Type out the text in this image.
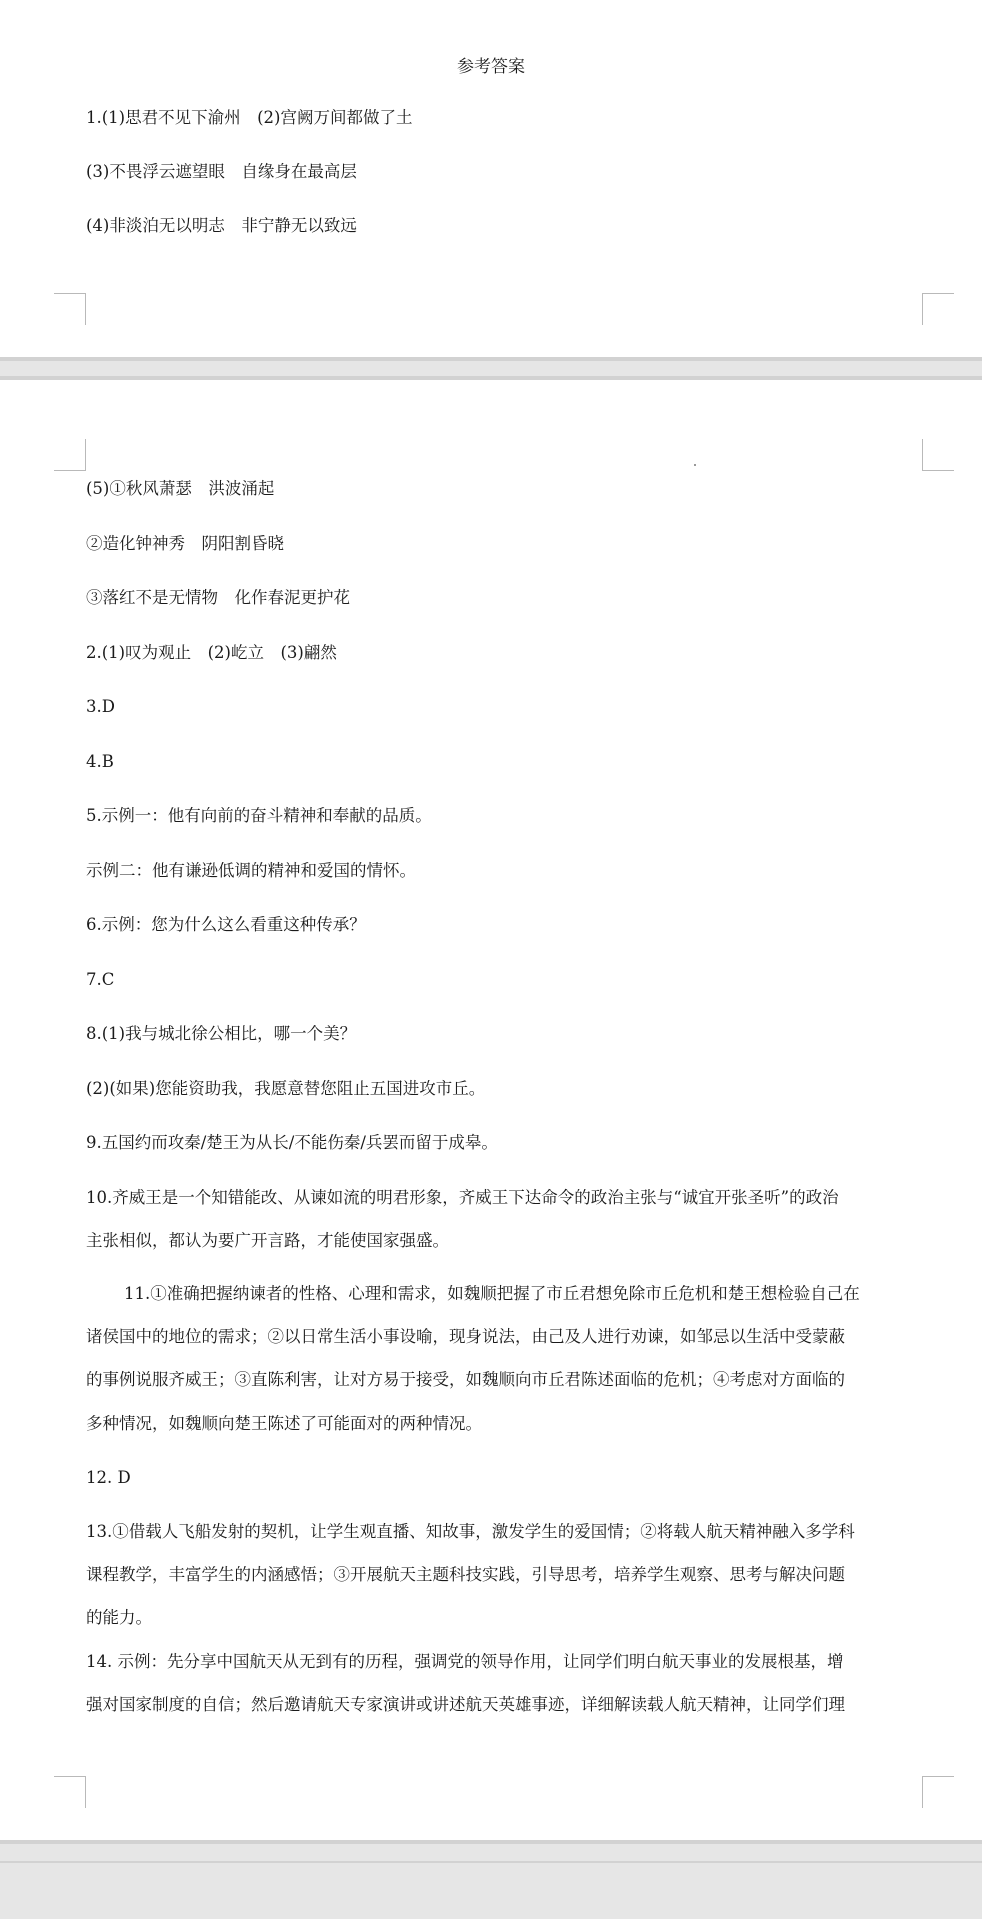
参考答案
1.(1)思君不见下渝州　(2)宫阙万间都做了土
(3)不畏浮云遮望眼　自缘身在最高层
(4)非淡泊无以明志　非宁静无以致远
(5)①秋风萧瑟　洪波涌起
②造化钟神秀　阴阳割昏晓
③落红不是无情物　化作春泥更护花
2.(1)叹为观止　(2)屹立　(3)翩然
3.D
4.B
5.示例一：他有向前的奋斗精神和奉献的品质。
示例二：他有谦逊低调的精神和爱国的情怀。
6.示例：您为什么这么看重这种传承？
7.C
8.(1)我与城北徐公相比，哪一个美？
(2)(如果)您能资助我，我愿意替您阻止五国进攻市丘。
9.五国约而攻秦/楚王为从长/不能伤秦/兵罢而留于成皋。
10.齐威王是一个知错能改、从谏如流的明君形象，齐威王下达命令的政治主张与“诚宜开张圣听”的政治
主张相似，都认为要广开言路，才能使国家强盛。
11.①准确把握纳谏者的性格、心理和需求，如魏顺把握了市丘君想免除市丘危机和楚王想检验自己在
诸侯国中的地位的需求；②以日常生活小事设喻，现身说法，由己及人进行劝谏，如邹忌以生活中受蒙蔽
的事例说服齐威王；③直陈利害，让对方易于接受，如魏顺向市丘君陈述面临的危机；④考虑对方面临的
多种情况，如魏顺向楚王陈述了可能面对的两种情况。
12. D
13.①借载人飞船发射的契机，让学生观直播、知故事，激发学生的爱国情；②将载人航天精神融入多学科
课程教学，丰富学生的内涵感悟；③开展航天主题科技实践，引导思考，培养学生观察、思考与解决问题
的能力。
14. 示例：先分享中国航天从无到有的历程，强调党的领导作用，让同学们明白航天事业的发展根基，增
强对国家制度的自信；然后邀请航天专家演讲或讲述航天英雄事迹，详细解读载人航天精神，让同学们理
